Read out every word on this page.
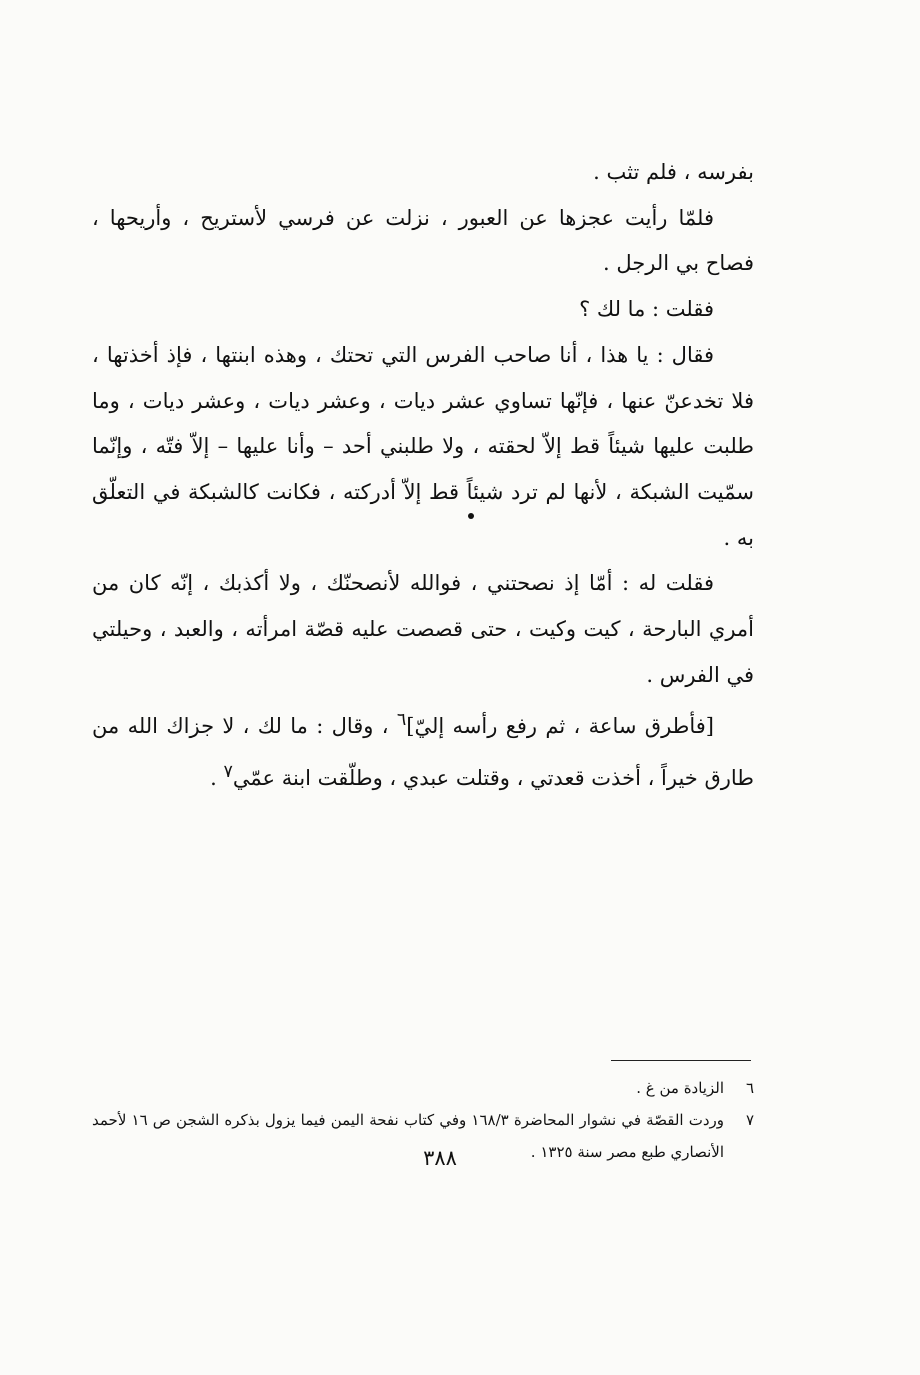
بفرسه ، فلم تثب .

فلمّا رأيت عجزها عن العبور ، نزلت عن فرسي لأستريح ، وأريحها ، فصاح بي الرجل .

فقلت : ما لك ؟

فقال : يا هذا ، أنا صاحب الفرس التي تحتك ، وهذه ابنتها ، فإذ أخذتها ، فلا تخدعنّ عنها ، فإنّها تساوي عشر ديات ، وعشر ديات ، وعشر ديات ، وما طلبت عليها شيئاً قط إلاّ لحقته ، ولا طلبني أحد – وأنا عليها – إلاّ فتّه ، وإنّما سمّيت الشبكة ، لأنها لم ترد شيئاً قط إلاّ أدركته ، فكانت كالشبكة في التعلّق به .

فقلت له : أمّا إذ نصحتني ، فوالله لأنصحنّك ، ولا أكذبك ، إنّه كان من أمري البارحة ، كيت وكيت ، حتى قصصت عليه قصّة امرأته ، والعبد ، وحيلتي في الفرس .

[فأطرق ساعة ، ثم رفع رأسه إليّ]$^٦$ ، وقال : ما لك ، لا جزاك الله من طارق خيراً ، أخذت قعدتي ، وقتلت عبدي ، وطلّقت ابنة عمّي$^٧$ .

٦
الزيادة من غ .
٧
وردت القصّة في نشوار المحاضرة ١٦٨/٣ وفي كتاب نفحة اليمن فيما يزول بذكره الشجن ص ١٦ لأحمد الأنصاري طبع مصر سنة ١٣٢٥ .
٣٨٨
